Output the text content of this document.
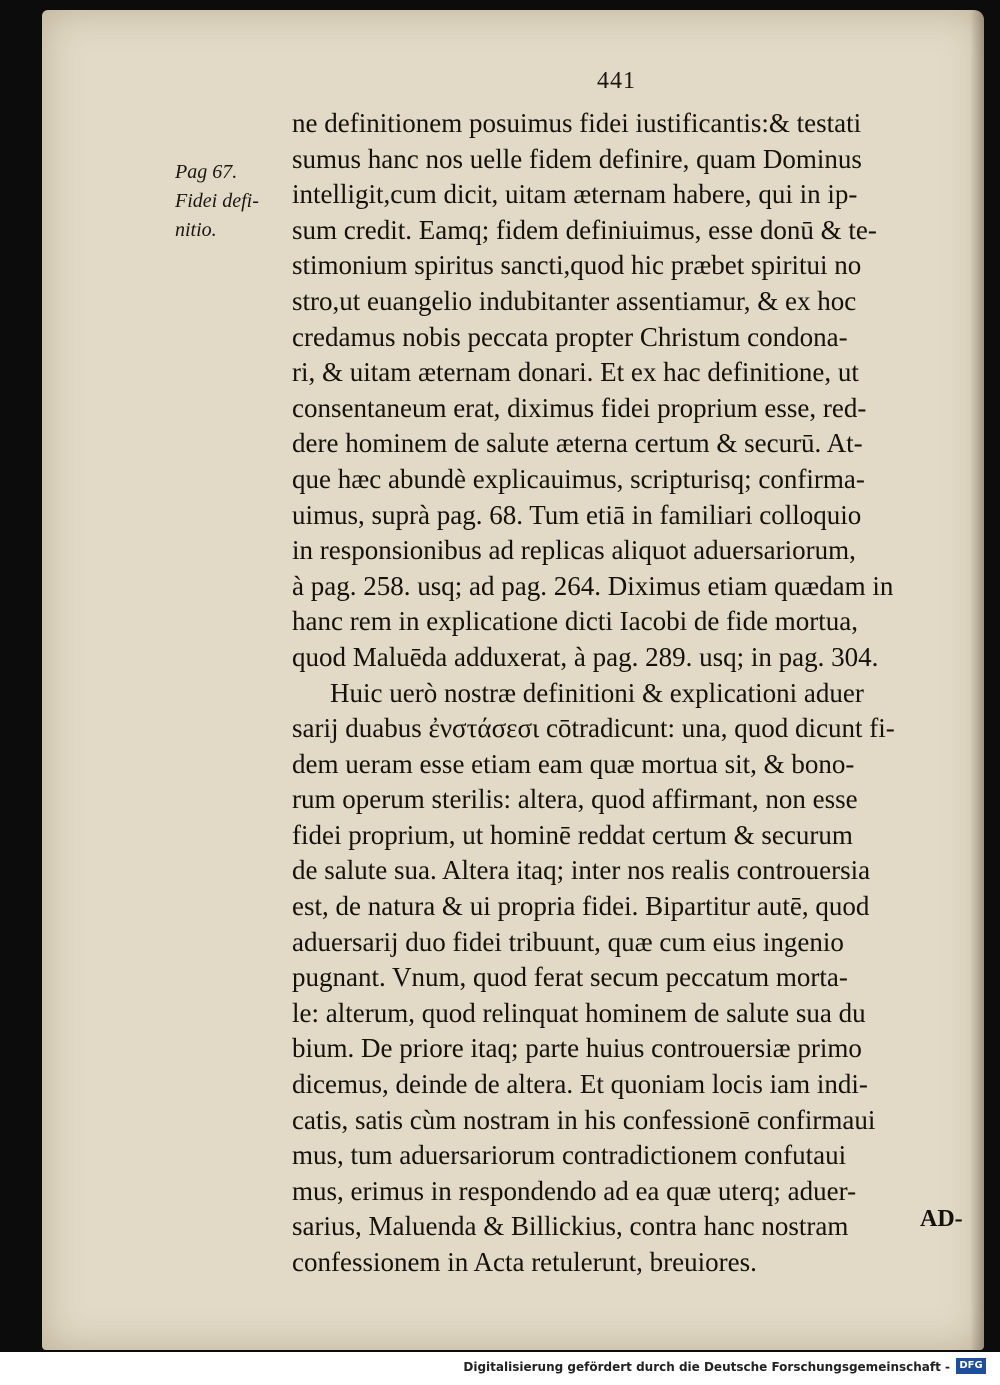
441
Pag 67.
Fidei defi-
nitio.
ne definitionem posuimus fidei iustificantis:& testati
sumus hanc nos uelle fidem definire, quam Dominus
intelligit,cum dicit, uitam æternam habere, qui in ip-
sum credit. Eamq; fidem definiuimus, esse donū & te-
stimonium spiritus sancti,quod hic præbet spiritui no
stro,ut euangelio indubitanter assentiamur, & ex hoc
credamus nobis peccata propter Christum condona-
ri, & uitam æternam donari. Et ex hac definitione, ut
consentaneum erat, diximus fidei proprium esse, red-
dere hominem de salute æterna certum & securū. At-
que hæc abundè explicauimus, scripturisq; confirma-
uimus, suprà pag. 68. Tum etiā in familiari colloquio
in responsionibus ad replicas aliquot aduersariorum,
à pag. 258. usq; ad pag. 264. Diximus etiam quædam in
hanc rem in explicatione dicti Iacobi de fide mortua,
quod Maluēda adduxerat, à pag. 289. usq; in pag. 304.
Huic uerò nostræ definitioni & explicationi aduer
sarij duabus ἐνστάσεσι cōtradicunt: una, quod dicunt fi-
dem ueram esse etiam eam quæ mortua sit, & bono-
rum operum sterilis: altera, quod affirmant, non esse
fidei proprium, ut hominē reddat certum & securum
de salute sua. Altera itaq; inter nos realis controuersia
est, de natura & ui propria fidei. Bipartitur autē, quod
aduersarij duo fidei tribuunt, quæ cum eius ingenio
pugnant. Vnum, quod ferat secum peccatum morta-
le: alterum, quod relinquat hominem de salute sua du
bium. De priore itaq; parte huius controuersiæ primo
dicemus, deinde de altera. Et quoniam locis iam indi-
catis, satis cùm nostram in his confessionē confirmaui
mus, tum aduersariorum contradictionem confutaui
mus, erimus in respondendo ad ea quæ uterq; aduer-
sarius, Maluenda & Billickius, contra hanc nostram
confessionem in Acta retulerunt, breuiores.
AD-
Digitalisierung gefördert durch die Deutsche Forschungsgemeinschaft - DFG
